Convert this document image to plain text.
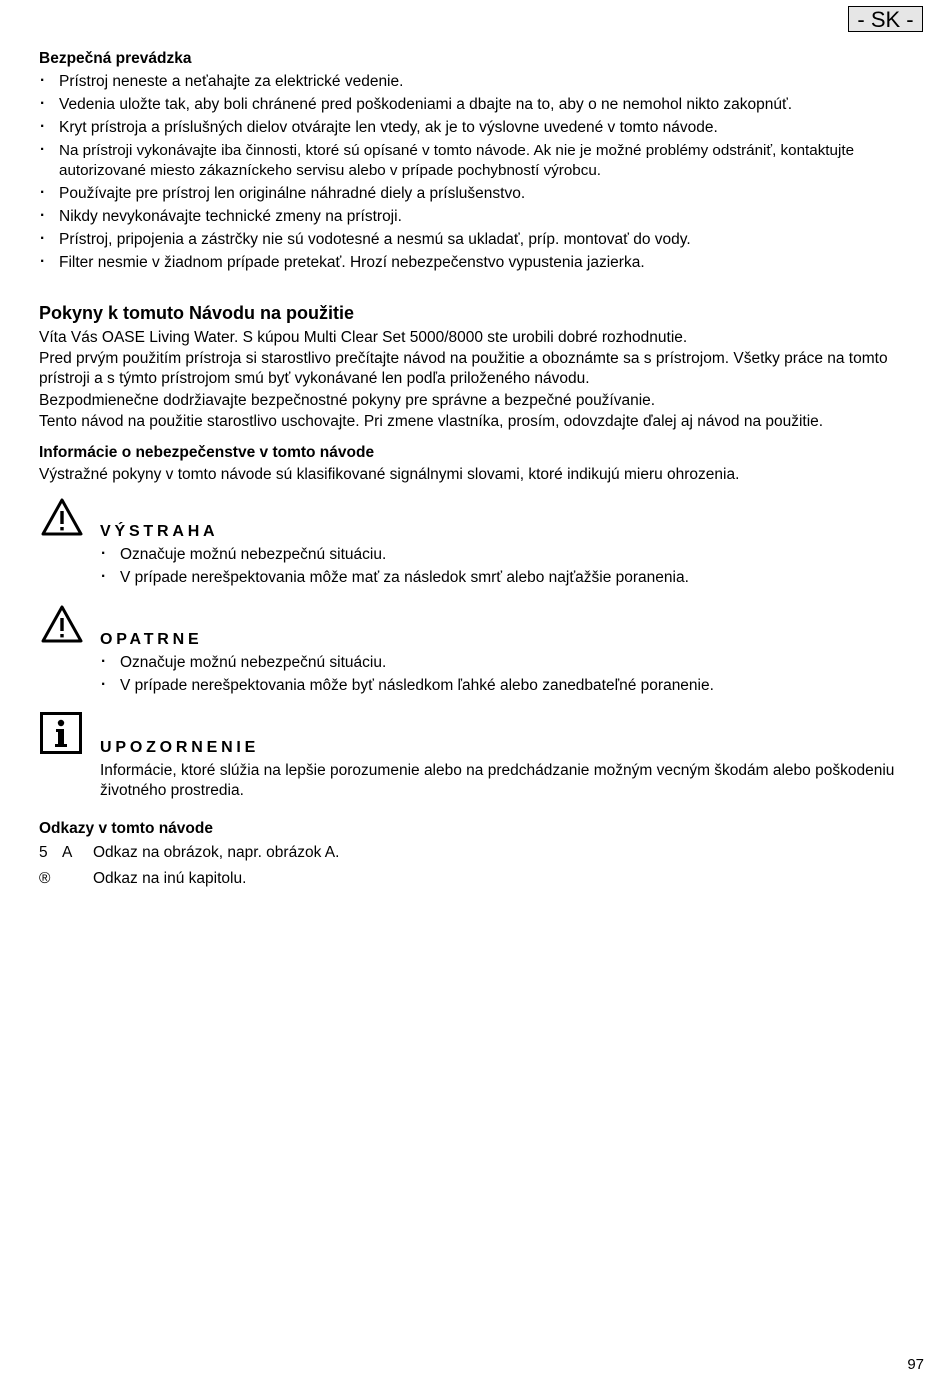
- SK -
Bezpečná prevádzka
· Prístroj neneste a neťahajte za elektrické vedenie.
· Vedenia uložte tak, aby boli chránené pred poškodeniami a dbajte na to, aby o ne nemohol nikto zakopnúť.
· Kryt prístroja a príslušných dielov otvárajte len vtedy, ak je to výslovne uvedené v tomto návode.
· Na prístroji vykonávajte iba činnosti, ktoré sú opísané v tomto návode. Ak nie je možné problémy odstrániť, kontaktujte autorizované miesto zákazníckeho servisu alebo v prípade pochybností výrobcu.
· Používajte pre prístroj len originálne náhradné diely a príslušenstvo.
· Nikdy nevykonávajte technické zmeny na prístroji.
· Prístroj, pripojenia a zástrčky nie sú vodotesné a nesmú sa ukladať, príp. montovať do vody.
· Filter nesmie v žiadnom prípade pretekať. Hrozí nebezpečenstvo vypustenia jazierka.
Pokyny k tomuto Návodu na použitie

Víta Vás OASE Living Water. S kúpou Multi Clear Set 5000/8000 ste urobili dobré rozhodnutie.

Pred prvým použitím prístroja si starostlivo prečítajte návod na použitie a oboznámte sa s prístrojom. Všetky práce na tomto prístroji a s týmto prístrojom smú byť vykonávané len podľa priloženého návodu.

Bezpodmienečne dodržiavajte bezpečnostné pokyny pre správne a bezpečné používanie.

Tento návod na použitie starostlivo uschovajte. Pri zmene vlastníka, prosím, odovzdajte ďalej aj návod na použitie.

Informácie o nebezpečenstve v tomto návode

Výstražné pokyny v tomto návode sú klasifikované signálnymi slovami, ktoré indikujú mieru ohrozenia.

VÝSTRAHA
· Označuje možnú nebezpečnú situáciu.
· V prípade nerešpektovania môže mať za následok smrť alebo najťažšie poranenia.
OPATRNE
· Označuje možnú nebezpečnú situáciu.
· V prípade nerešpektovania môže byť následkom ľahké alebo zanedbateľné poranenie.
UPOZORNENIE

Informácie, ktoré slúžia na lepšie porozumenie alebo na predchádzanie možným vecným škodám alebo poškodeniu životného prostredia.

Odkazy v tomto návode
5 A Odkaz na obrázok, napr. obrázok A.
®	Odkaz na inú kapitolu.
97
